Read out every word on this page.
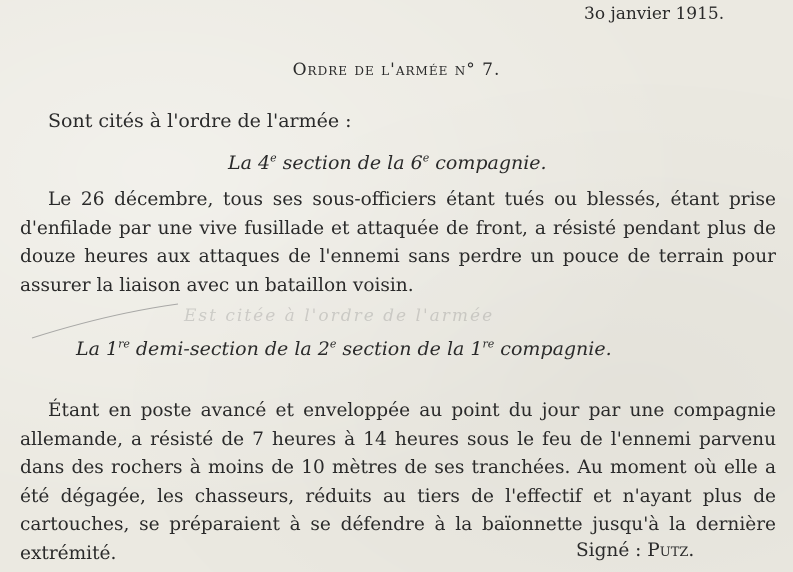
3o janvier 1915.
Ordre de l'armée n° 7.
Sont cités à l'ordre de l'armée :
La 4e section de la 6e compagnie.
Le 26 décembre, tous ses sous-officiers étant tués ou blessés, étant prise d'enfilade par une vive fusillade et attaquée de front, a résisté pendant plus de douze heures aux attaques de l'ennemi sans perdre un pouce de terrain pour assurer la liaison avec un bataillon voisin.
Est citée à l'ordre de l'armée
La 1re demi-section de la 2e section de la 1re compagnie.
Étant en poste avancé et enveloppée au point du jour par une compagnie allemande, a résisté de 7 heures à 14 heures sous le feu de l'ennemi parvenu dans des rochers à moins de 10 mètres de ses tranchées. Au moment où elle a été dégagée, les chasseurs, réduits au tiers de l'effectif et n'ayant plus de cartouches, se préparaient à se défendre à la baïonnette jusqu'à la dernière extrémité.	Signé : Putz.
